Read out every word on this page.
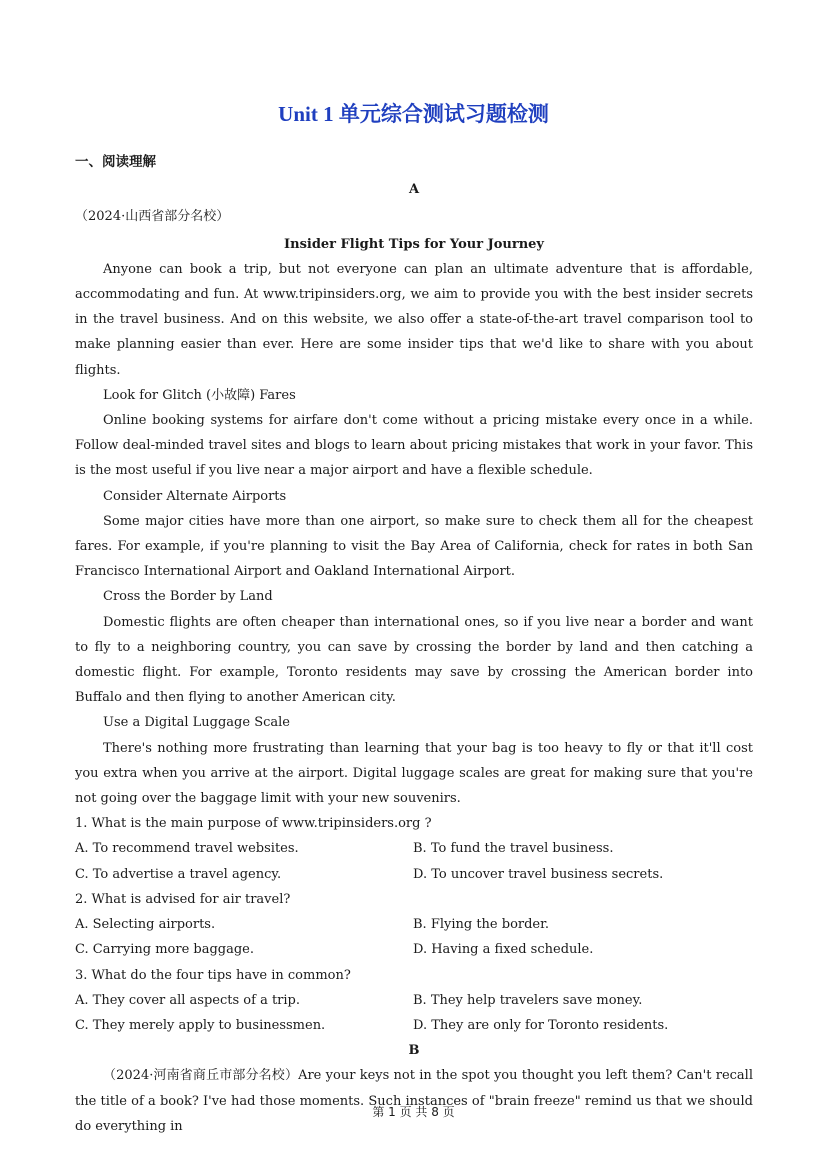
Unit 1 单元综合测试习题检测
一、阅读理解
A
（2024·山西省部分名校）
Insider Flight Tips for Your Journey

Anyone can book a trip, but not everyone can plan an ultimate adventure that is affordable, accommodating and fun. At www.tripinsiders.org, we aim to provide you with the best insider secrets in the travel business. And on this website, we also offer a state-of-the-art travel comparison tool to make planning easier than ever. Here are some insider tips that we'd like to share with you about flights.

Look for Glitch (小故障) Fares

Online booking systems for airfare don't come without a pricing mistake every once in a while. Follow deal-minded travel sites and blogs to learn about pricing mistakes that work in your favor. This is the most useful if you live near a major airport and have a flexible schedule.

Consider Alternate Airports

Some major cities have more than one airport, so make sure to check them all for the cheapest fares. For example, if you're planning to visit the Bay Area of California, check for rates in both San Francisco International Airport and Oakland International Airport.

Cross the Border by Land

Domestic flights are often cheaper than international ones, so if you live near a border and want to fly to a neighboring country, you can save by crossing the border by land and then catching a domestic flight. For example, Toronto residents may save by crossing the American border into Buffalo and then flying to another American city.

Use a Digital Luggage Scale

There's nothing more frustrating than learning that your bag is too heavy to fly or that it'll cost you extra when you arrive at the airport. Digital luggage scales are great for making sure that you're not going over the baggage limit with your new souvenirs.

1. What is the main purpose of www.tripinsiders.org ?

A. To recommend travel websites.	B. To fund the travel business.
C. To advertise a travel agency.	D. To uncover travel business secrets.

2. What is advised for air travel?

A. Selecting airports.	B. Flying the border.
C. Carrying more baggage.	D. Having a fixed schedule.

3. What do the four tips have in common?

A. They cover all aspects of a trip.	B. They help travelers save money.
C. They merely apply to businessmen.	D. They are only for Toronto residents.
B

（2024·河南省商丘市部分名校）Are your keys not in the spot you thought you left them? Can't recall the title of a book? I've had those moments. Such instances of "brain freeze" remind us that we should do everything in

第 1 页 共 8 页
